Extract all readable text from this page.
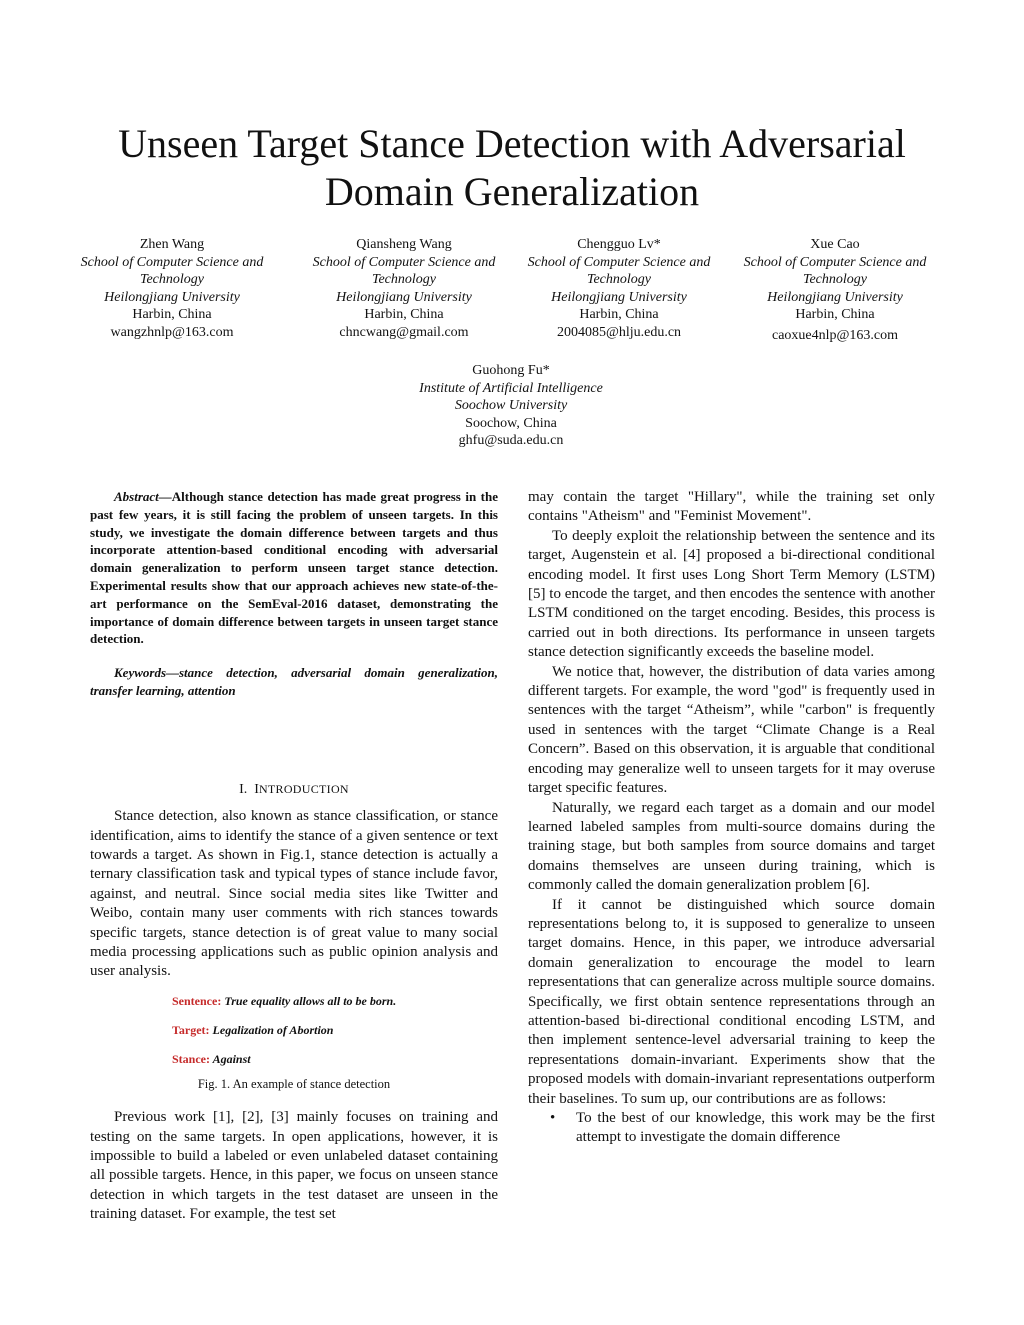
Unseen Target Stance Detection with Adversarial Domain Generalization
Zhen Wang
School of Computer Science and Technology
Heilongjiang University
Harbin, China
wangzhnlp@163.com
Qiansheng Wang
School of Computer Science and Technology
Heilongjiang University
Harbin, China
chncwang@gmail.com
Chengguo Lv*
School of Computer Science and Technology
Heilongjiang University
Harbin, China
2004085@hlju.edu.cn
Xue Cao
School of Computer Science and Technology
Heilongjiang University
Harbin, China
caoxue4nlp@163.com
Guohong Fu*
Institute of Artificial Intelligence
Soochow University
Soochow, China
ghfu@suda.edu.cn

Abstract—Although stance detection has made great progress in the past few years, it is still facing the problem of unseen targets. In this study, we investigate the domain difference between targets and thus incorporate attention-based conditional encoding with adversarial domain generalization to perform unseen target stance detection. Experimental results show that our approach achieves new state-of-the-art performance on the SemEval-2016 dataset, demonstrating the importance of domain difference between targets in unseen target stance detection.

Keywords—stance detection, adversarial domain generalization, transfer learning, attention

I. INTRODUCTION

Stance detection, also known as stance classification, or stance identification, aims to identify the stance of a given sentence or text towards a target. As shown in Fig.1, stance detection is actually a ternary classification task and typical types of stance include favor, against, and neutral. Since social media sites like Twitter and Weibo, contain many user comments with rich stances towards specific targets, stance detection is of great value to many social media processing applications such as public opinion analysis and user analysis.

Sentence: True equality allows all to be born.

Target: Legalization of Abortion

Stance: Against

Fig. 1. An example of stance detection

Previous work [1], [2], [3] mainly focuses on training and testing on the same targets. In open applications, however, it is impossible to build a labeled or even unlabeled dataset containing all possible targets. Hence, in this paper, we focus on unseen stance detection in which targets in the test dataset are unseen in the training dataset. For example, the test set

may contain the target "Hillary", while the training set only contains "Atheism" and "Feminist Movement".

To deeply exploit the relationship between the sentence and its target, Augenstein et al. [4] proposed a bi-directional conditional encoding model. It first uses Long Short Term Memory (LSTM) [5] to encode the target, and then encodes the sentence with another LSTM conditioned on the target encoding. Besides, this process is carried out in both directions. Its performance in unseen targets stance detection significantly exceeds the baseline model.

We notice that, however, the distribution of data varies among different targets. For example, the word "god" is frequently used in sentences with the target “Atheism”, while "carbon" is frequently used in sentences with the target “Climate Change is a Real Concern”. Based on this observation, it is arguable that conditional encoding may generalize well to unseen targets for it may overuse target specific features.

Naturally, we regard each target as a domain and our model learned labeled samples from multi-source domains during the training stage, but both samples from source domains and target domains themselves are unseen during training, which is commonly called the domain generalization problem [6].

If it cannot be distinguished which source domain representations belong to, it is supposed to generalize to unseen target domains. Hence, in this paper, we introduce adversarial domain generalization to encourage the model to learn representations that can generalize across multiple source domains. Specifically, we first obtain sentence representations through an attention-based bi-directional conditional encoding LSTM, and then implement sentence-level adversarial training to keep the representations domain-invariant. Experiments show that the proposed models with domain-invariant representations outperform their baselines. To sum up, our contributions are as follows:

• To the best of our knowledge, this work may be the first attempt to investigate the domain difference
